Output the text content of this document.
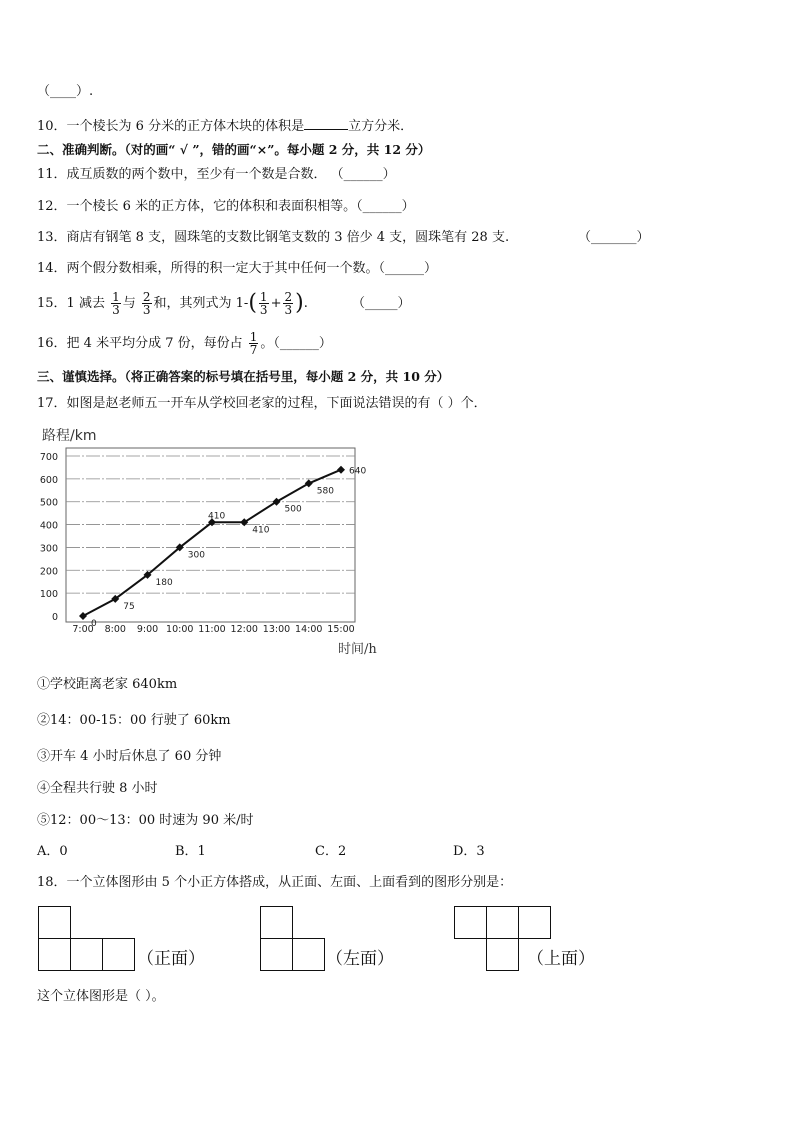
（____）.
10．一个棱长为 6 分米的正方体木块的体积是	立方分米．
二、准确判断。（对的画“ √ ”，错的画“×”。每小题 2 分，共 12 分）
11．成互质数的两个数中，至少有一个数是合数． （______）
12．一个棱长 6 米的正方体，它的体积和表面积相等。（______）
13．商店有钢笔 8 支，圆珠笔的支数比钢笔支数的 3 倍少 4 支，圆珠笔有 28 支.	（_______）
14．两个假分数相乘，所得的积一定大于其中任何一个数。（______）
15．1 减去 $\frac{1}{3}$ 与 $\frac{2}{3}$ 和，其列式为 $1-( \frac{1}{3} + \frac{2}{3}$ ).	（_____）
16．把 4 米平均分成 7 份，每份占 $\frac{1}{7}$ 。（______）
三、谨慎选择。（将正确答案的标号填在括号里，每小题 2 分，共 10 分）
17．如图是赵老师五一开车从学校回老家的过程，下面说法错误的有（ ）个．
路程/km
时间/h
0
100
200
300
400
500
600
700
7:00 8:00 9:00 10:00 11:00 12:00 13:00 14:00 15:00
0
75
180
300
410
410
500
580
640
①学校距离老家 640km
②14：00-15：00 行驶了 60km
③开车 4 小时后休息了 60 分钟
④全程共行驶 8 小时
⑤12：00～13：00 时速为 90 米/时
A．0	B．1	C．2	D．3
18．一个立体图形由 5 个小正方体搭成，从正面、左面、上面看到的图形分别是：
（正面）	（左面）	（上面）
这个立体图形是（ ）。
